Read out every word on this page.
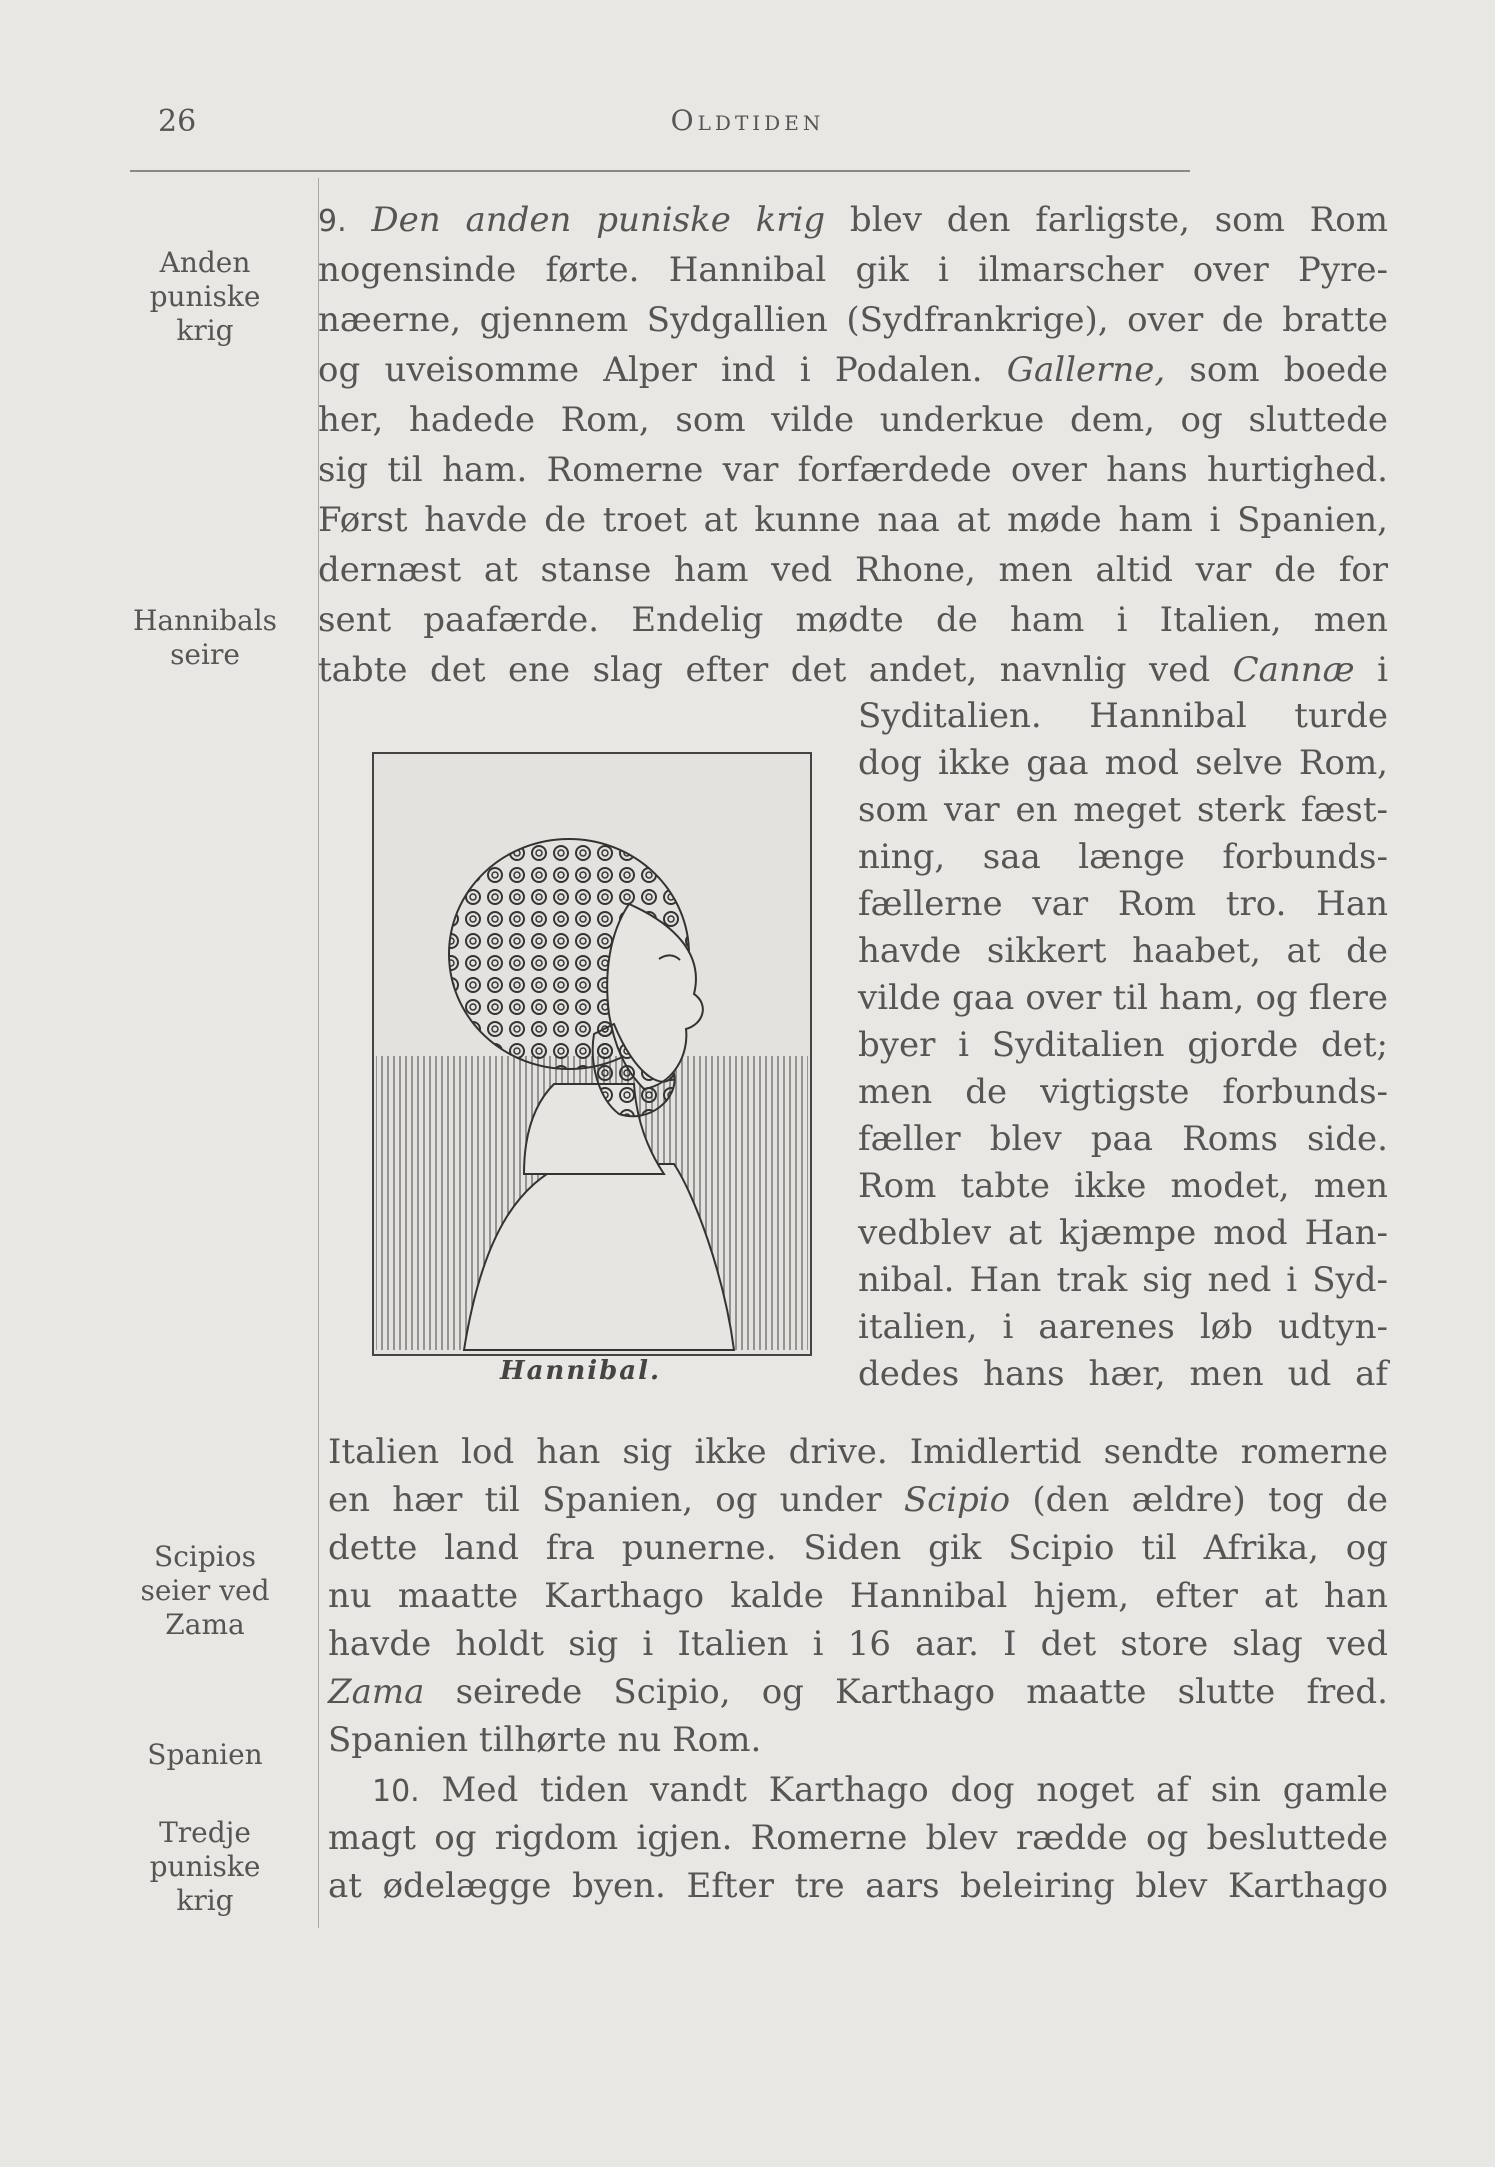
26	Oldtiden
Anden
puniske
krig
Hannibals
seire
Scipios
seier ved
Zama
Spanien
Tredje
puniske
krig
9. Den anden puniske krig blev den farligste, som Rom
nogensinde førte. Hannibal gik i ilmarscher over Pyre-
næerne, gjennem Sydgallien (Sydfrankrige), over de bratte
og uveisomme Alper ind i Podalen. Gallerne, som boede
her, hadede Rom, som vilde underkue dem, og sluttede
sig til ham. Romerne var forfærdede over hans hurtighed.
Først havde de troet at kunne naa at møde ham i Spanien,
dernæst at stanse ham ved Rhone, men altid var de for
sent paafærde. Endelig mødte de ham i Italien, men
tabte det ene slag efter det andet, navnlig ved Cannæ i
Syditalien. Hannibal turde
dog ikke gaa mod selve Rom,
som var en meget sterk fæst-
ning, saa længe forbunds-
fællerne var Rom tro. Han
havde sikkert haabet, at de
vilde gaa over til ham, og flere
byer i Syditalien gjorde det;
men de vigtigste forbunds-
fæller blev paa Roms side.
Rom tabte ikke modet, men
vedblev at kjæmpe mod Han-
nibal. Han trak sig ned i Syd-
italien, i aarenes løb udtyn-
dedes hans hær, men ud af
Italien lod han sig ikke drive. Imidlertid sendte romerne
en hær til Spanien, og under Scipio (den ældre) tog de
dette land fra punerne. Siden gik Scipio til Afrika, og
nu maatte Karthago kalde Hannibal hjem, efter at han
havde holdt sig i Italien i 16 aar. I det store slag ved
Zama seirede Scipio, og Karthago maatte slutte fred.
Spanien tilhørte nu Rom.
10. Med tiden vandt Karthago dog noget af sin gamle
magt og rigdom igjen. Romerne blev rædde og besluttede
at ødelægge byen. Efter tre aars beleiring blev Karthago
Hannibal.
